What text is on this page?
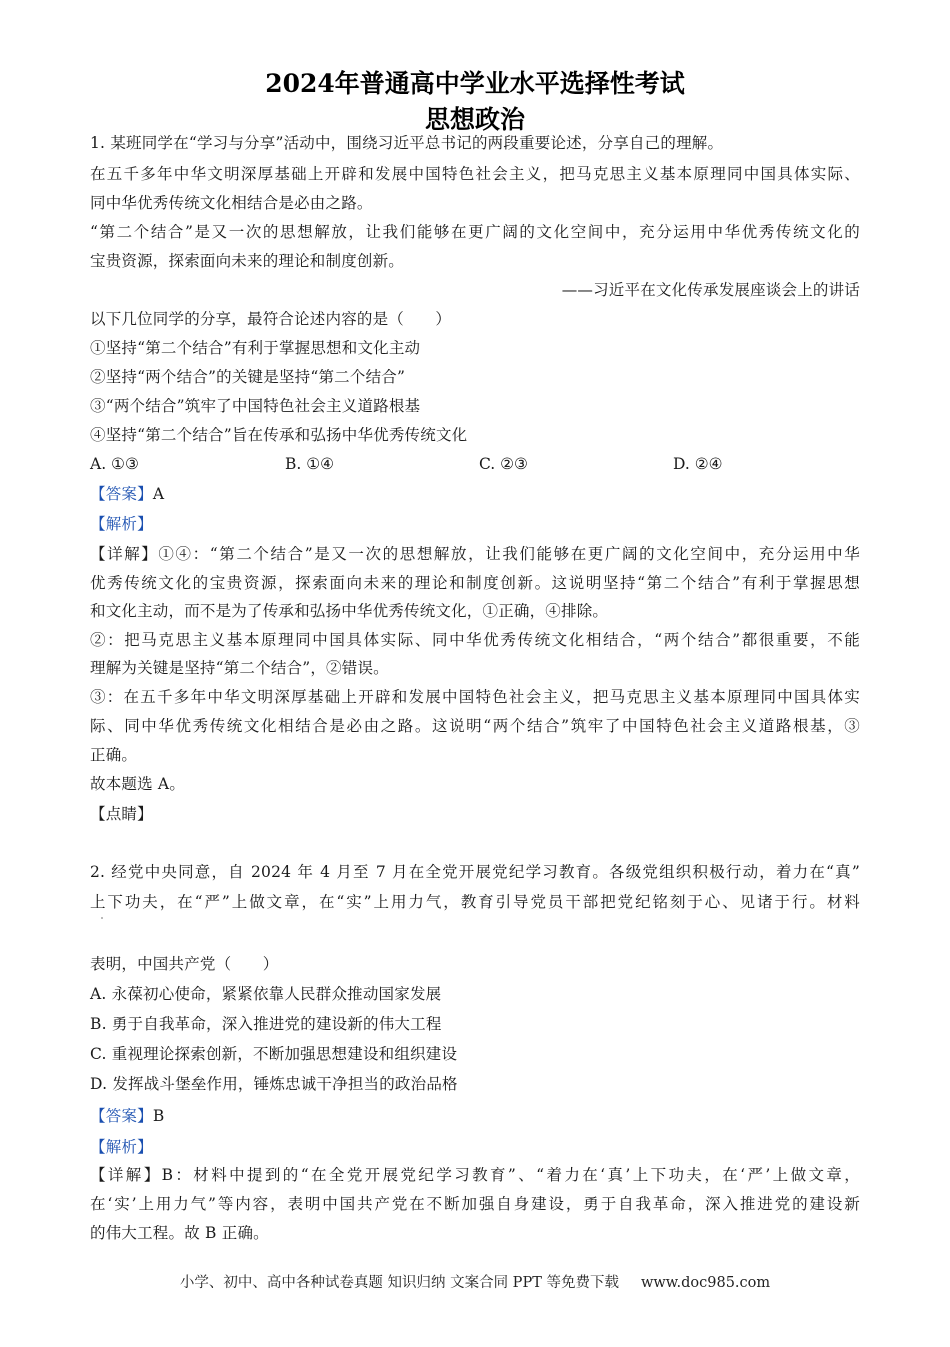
2024年普通高中学业水平选择性考试
思想政治
1. 某班同学在“学习与分享”活动中，围绕习近平总书记的两段重要论述，分享自己的理解。
在五千多年中华文明深厚基础上开辟和发展中国特色社会主义，把马克思主义基本原理同中国具体实际、
同中华优秀传统文化相结合是必由之路。
“第二个结合”是又一次的思想解放，让我们能够在更广阔的文化空间中，充分运用中华优秀传统文化的
宝贵资源，探索面向未来的理论和制度创新。
——习近平在文化传承发展座谈会上的讲话
以下几位同学的分享，最符合论述内容的是（　　）
①坚持“第二个结合”有利于掌握思想和文化主动
②坚持“两个结合”的关键是坚持“第二个结合”
③“两个结合”筑牢了中国特色社会主义道路根基
④坚持“第二个结合”旨在传承和弘扬中华优秀传统文化
A. ①③	B. ①④	C. ②③	D. ②④
【答案】A
【解析】
【详解】①④：“第二个结合”是又一次的思想解放，让我们能够在更广阔的文化空间中，充分运用中华
优秀传统文化的宝贵资源，探索面向未来的理论和制度创新。这说明坚持“第二个结合”有利于掌握思想
和文化主动，而不是为了传承和弘扬中华优秀传统文化，①正确，④排除。
②：把马克思主义基本原理同中国具体实际、同中华优秀传统文化相结合，“两个结合”都很重要，不能
理解为关键是坚持“第二个结合”，②错误。
③：在五千多年中华文明深厚基础上开辟和发展中国特色社会主义，把马克思主义基本原理同中国具体实
际、同中华优秀传统文化相结合是必由之路。这说明“两个结合”筑牢了中国特色社会主义道路根基，③
正确。
故本题选 A。
【点睛】
2. 经党中央同意，自 2024 年 4 月至 7 月在全党开展党纪学习教育。各级党组织积极行动，着力在“真”
上下功夫，在“严”上做文章，在“实”上用力气，教育引导党员干部把党纪铭刻于心、见诸于行。材料
表明，中国共产党（　　）
A. 永葆初心使命，紧紧依靠人民群众推动国家发展
B. 勇于自我革命，深入推进党的建设新的伟大工程
C. 重视理论探索创新，不断加强思想建设和组织建设
D. 发挥战斗堡垒作用，锤炼忠诚干净担当的政治品格
【答案】B
【解析】
【详解】B：材料中提到的“在全党开展党纪学习教育”、“着力在‘真’上下功夫，在‘严’上做文章，
在‘实’上用力气”等内容，表明中国共产党在不断加强自身建设，勇于自我革命，深入推进党的建设新
的伟大工程。故 B 正确。
小学、初中、高中各种试卷真题 知识归纳 文案合同 PPT 等免费下载 www.doc985.com
